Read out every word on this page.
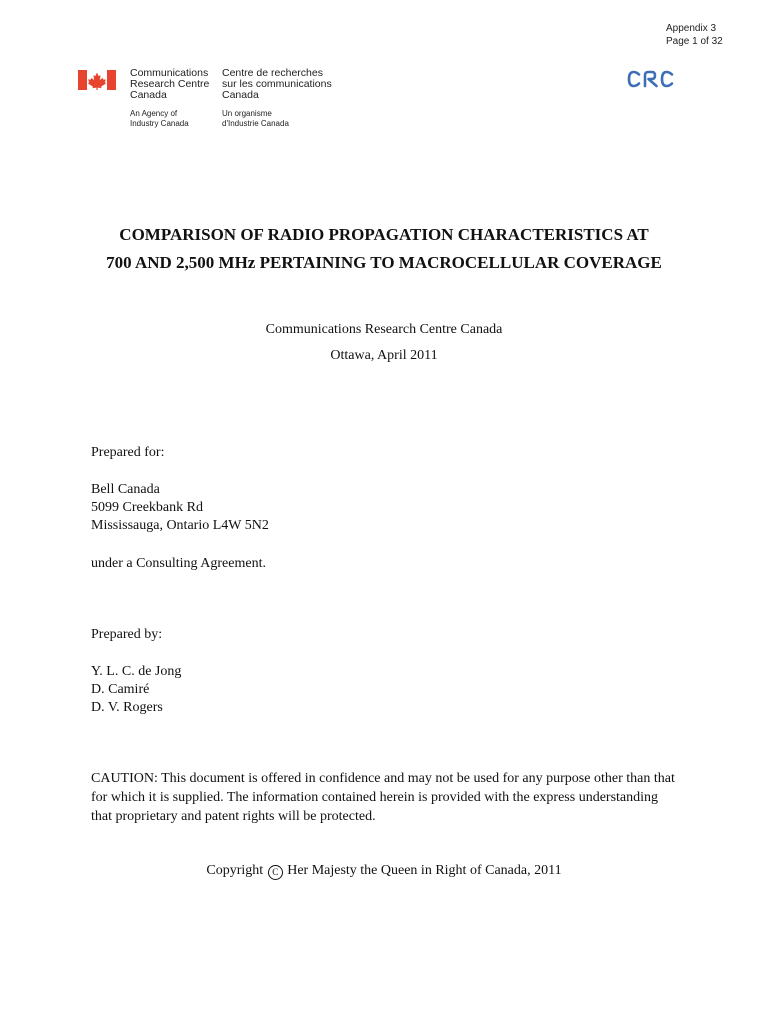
Appendix 3
Page 1 of 32
Communications
Research Centre
Canada
An Agency of
Industry Canada
Centre de recherches
sur les communications
Canada
Un organisme
d'Industrie Canada
COMPARISON OF RADIO PROPAGATION CHARACTERISTICS AT
700 AND 2,500 MHz PERTAINING TO MACROCELLULAR COVERAGE
Communications Research Centre Canada
Ottawa, April 2011
Prepared for:
Bell Canada
5099 Creekbank Rd
Mississauga, Ontario L4W 5N2
under a Consulting Agreement.
Prepared by:
Y. L. C. de Jong
D. Camiré
D. V. Rogers
CAUTION: This document is offered in confidence and may not be used for any purpose other than that for which it is supplied. The information contained herein is provided with the express understanding that proprietary and patent rights will be protected.
Copyright C Her Majesty the Queen in Right of Canada, 2011
